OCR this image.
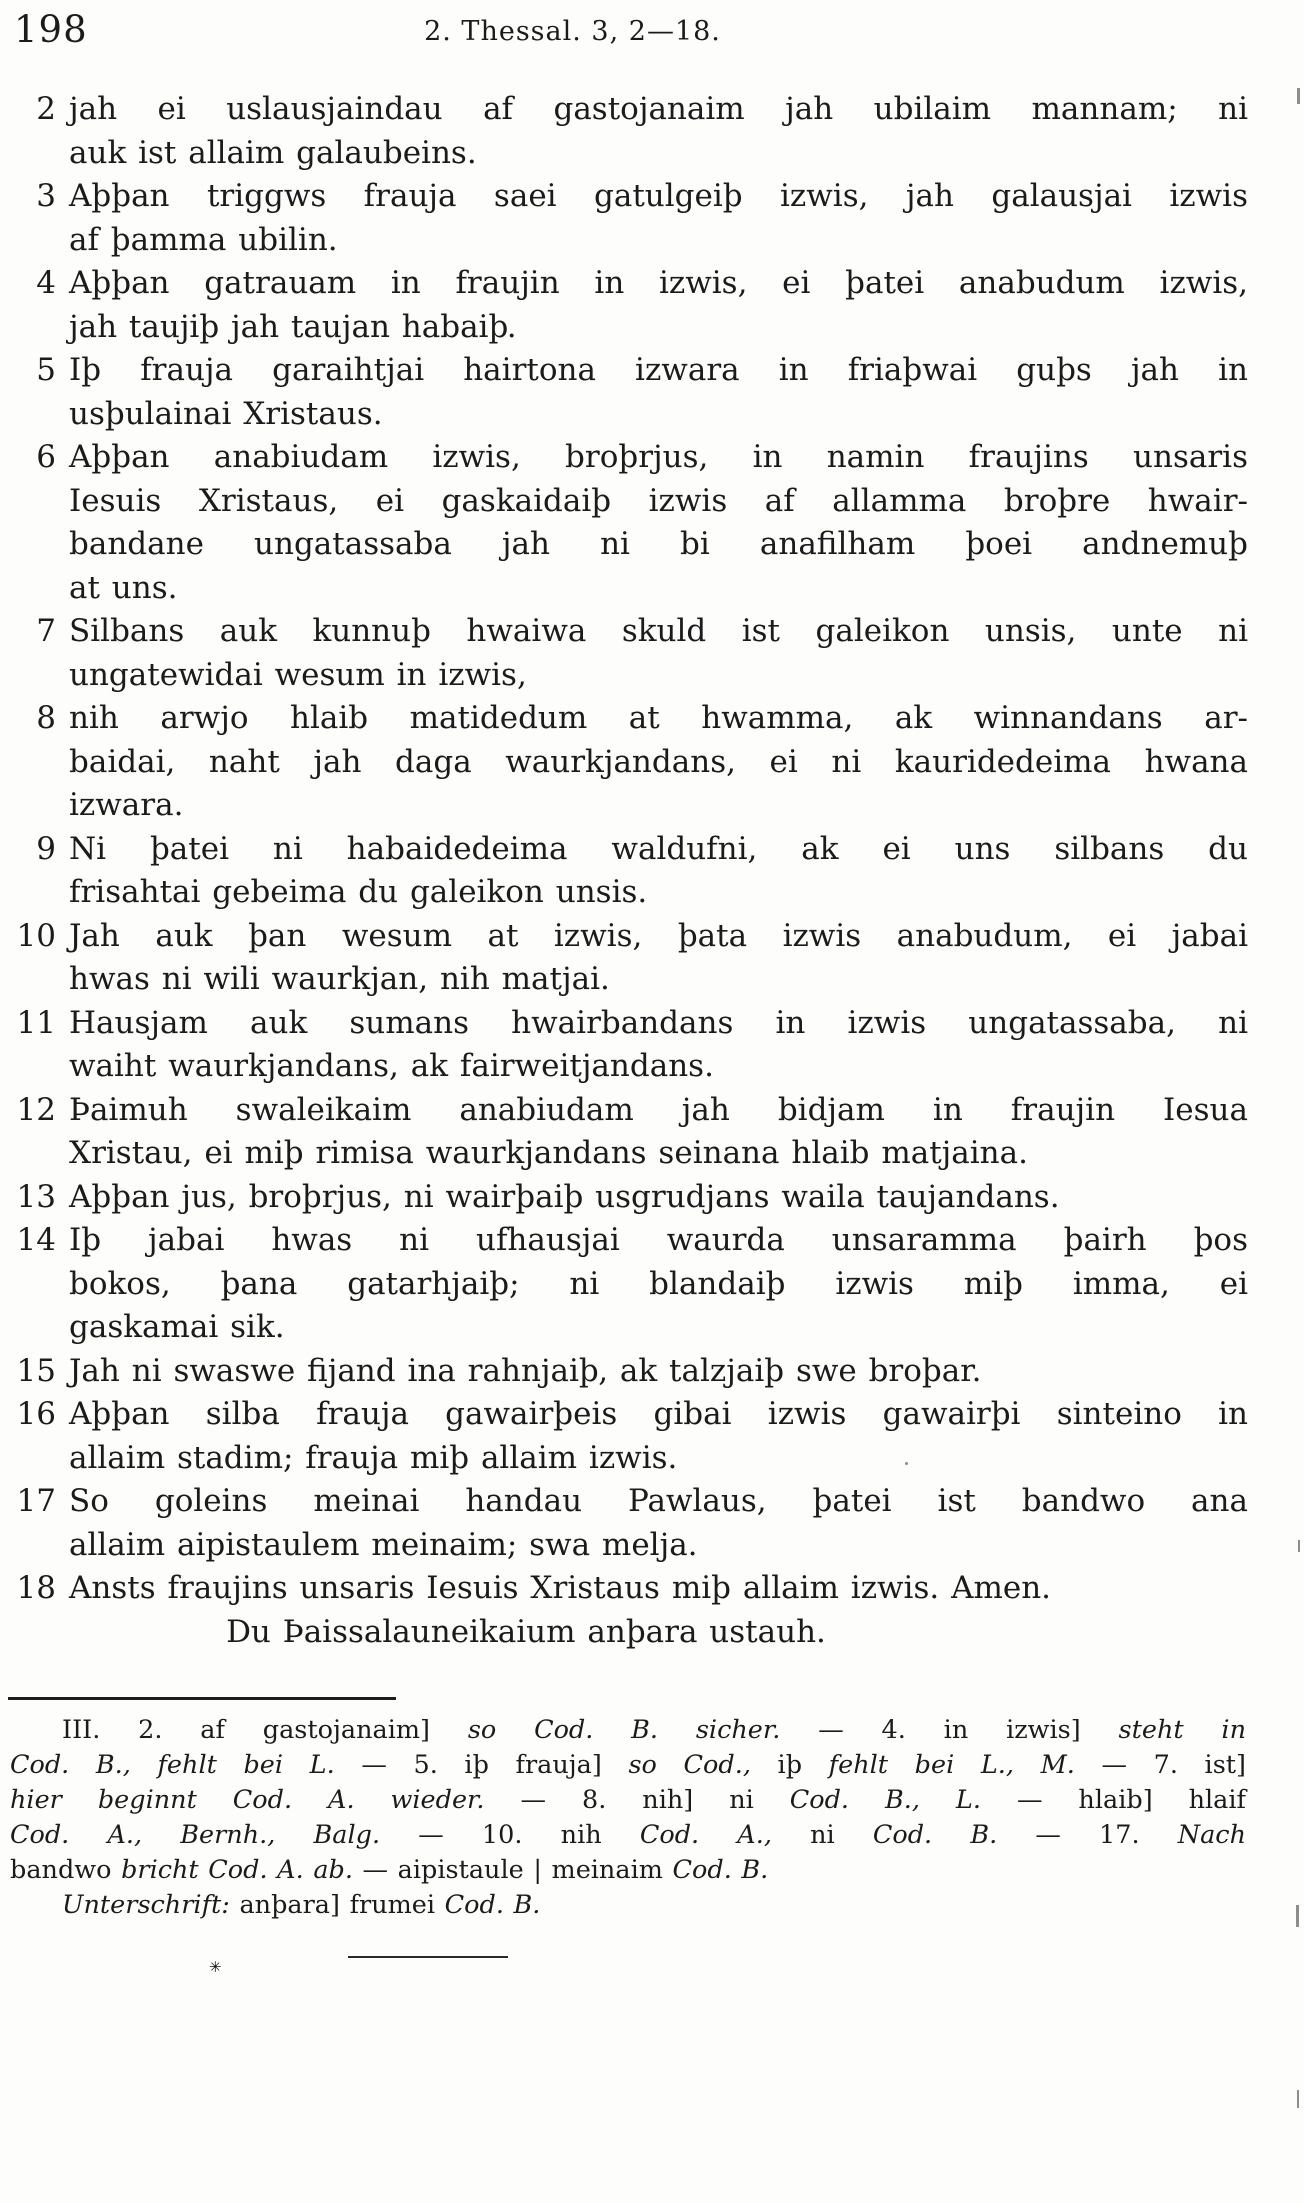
198	2. Thessal. 3, 2—18.
2 jah ei uslausjaindau af gastojanaim jah ubilaim mannam; ni
auk ist allaim galaubeins.
3 Aþþan triggws frauja saei gatulgeiþ izwis, jah galausjai izwis
af þamma ubilin.
4 Aþþan gatrauam in fraujin in izwis, ei þatei anabudum izwis,
jah taujiþ jah taujan habaiþ.
5 Iþ frauja garaihtjai hairtona izwara in friaþwai guþs jah in
usþulainai Xristaus.
6 Aþþan anabiudam izwis, broþrjus, in namin fraujins unsaris
Iesuis Xristaus, ei gaskaidaiþ izwis af allamma broþre hwair-
bandane ungatassaba jah ni bi anafilham þoei andnemuþ
at uns.
7 Silbans auk kunnuþ hwaiwa skuld ist galeikon unsis, unte ni
ungatewidai wesum in izwis,
8 nih arwjo hlaib matidedum at hwamma, ak winnandans ar-
baidai, naht jah daga waurkjandans, ei ni kauridedeima hwana
izwara.
9 Ni þatei ni habaidedeima waldufni, ak ei uns silbans du
frisahtai gebeima du galeikon unsis.
10 Jah auk þan wesum at izwis, þata izwis anabudum, ei jabai
hwas ni wili waurkjan, nih matjai.
11 Hausjam auk sumans hwairbandans in izwis ungatassaba, ni
waiht waurkjandans, ak fairweitjandans.
12 Þaimuh swaleikaim anabiudam jah bidjam in fraujin Iesua
Xristau, ei miþ rimisa waurkjandans seinana hlaib matjaina.
13 Aþþan jus, broþrjus, ni wairþaiþ usgrudjans waila taujandans.
14 Iþ jabai hwas ni ufhausjai waurda unsaramma þairh þos
bokos, þana gatarhjaiþ; ni blandaiþ izwis miþ imma, ei
gaskamai sik.
15 Jah ni swaswe fijand ina rahnjaiþ, ak talzjaiþ swe broþar.
16 Aþþan silba frauja gawairþeis gibai izwis gawairþi sinteino in
allaim stadim; frauja miþ allaim izwis.
17 So goleins meinai handau Pawlaus, þatei ist bandwo ana
allaim aipistaulem meinaim; swa melja.
18 Ansts fraujins unsaris Iesuis Xristaus miþ allaim izwis. Amen.
Du Þaissalauneikaium anþara ustauh.
III. 2. af gastojanaim] so Cod. B. sicher. — 4. in izwis] steht in
Cod. B., fehlt bei L. — 5. iþ frauja] so Cod., iþ fehlt bei L., M. — 7. ist]
hier beginnt Cod. A. wieder. — 8. nih] ni Cod. B., L. — hlaib] hlaif
Cod. A., Bernh., Balg. — 10. nih Cod. A., ni Cod. B. — 17. Nach
bandwo bricht Cod. A. ab. — aipistaule | meinaim Cod. B.
Unterschrift: anþara] frumei Cod. B.
✳
